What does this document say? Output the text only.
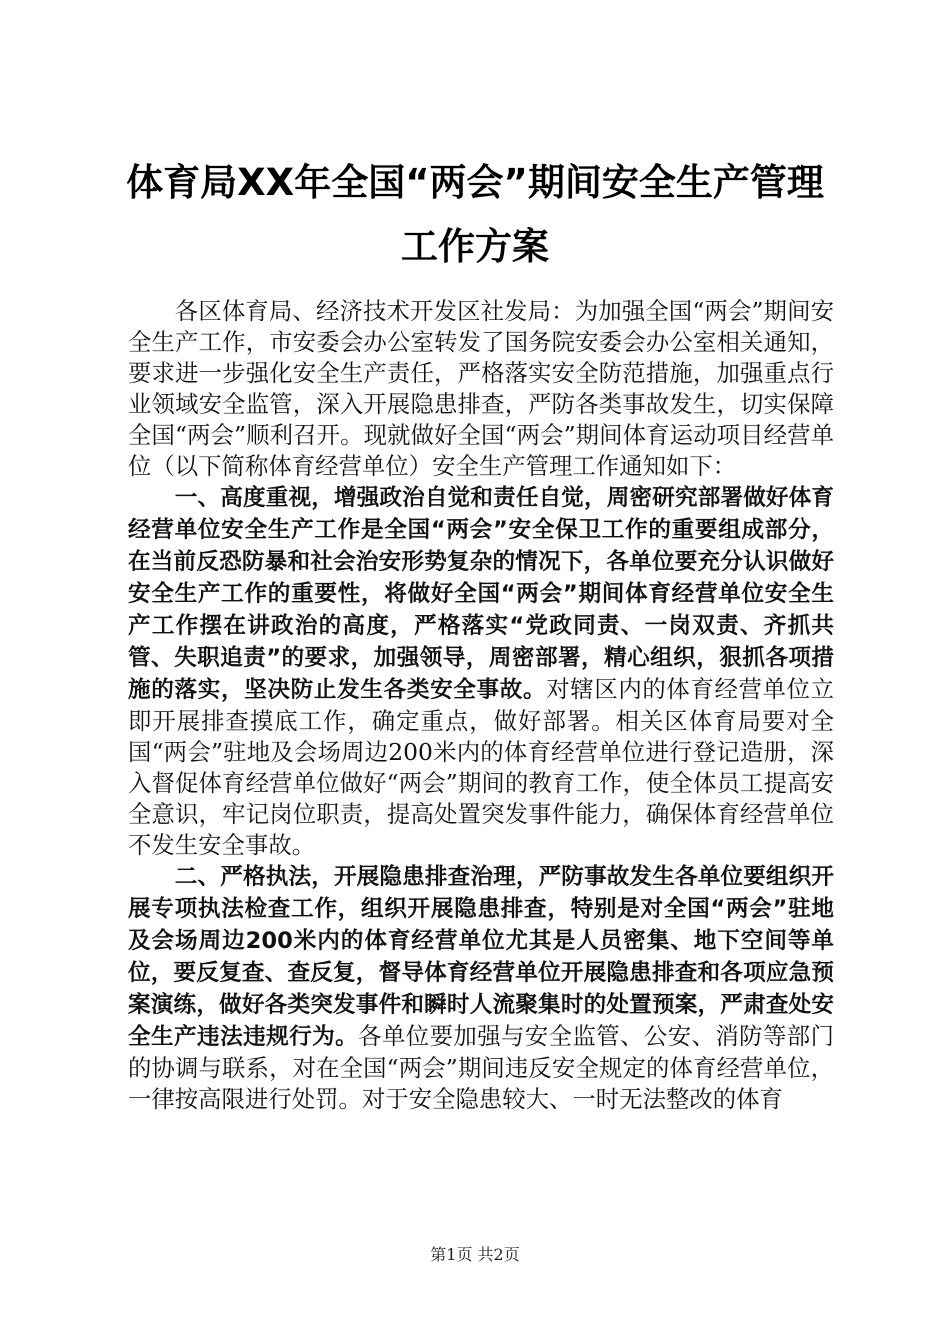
体育局XX年全国“两会”期间安全生产管理
工作方案

各区体育局、经济技术开发区社发局：为加强全国“两会”期间安全生产工作，市安委会办公室转发了国务院安委会办公室相关通知，要求进一步强化安全生产责任，严格落实安全防范措施，加强重点行业领域安全监管，深入开展隐患排查，严防各类事故发生，切实保障全国“两会”顺利召开。现就做好全国“两会”期间体育运动项目经营单位（以下简称体育经营单位）安全生产管理工作通知如下：

一、高度重视，增强政治自觉和责任自觉，周密研究部署做好体育经营单位安全生产工作是全国“两会”安全保卫工作的重要组成部分，在当前反恐防暴和社会治安形势复杂的情况下，各单位要充分认识做好安全生产工作的重要性，将做好全国“两会”期间体育经营单位安全生产工作摆在讲政治的高度，严格落实“党政同责、一岗双责、齐抓共管、失职追责”的要求，加强领导，周密部署，精心组织，狠抓各项措施的落实，坚决防止发生各类安全事故。对辖区内的体育经营单位立即开展排查摸底工作，确定重点，做好部署。相关区体育局要对全国“两会”驻地及会场周边200米内的体育经营单位进行登记造册，深入督促体育经营单位做好“两会”期间的教育工作，使全体员工提高安全意识，牢记岗位职责，提高处置突发事件能力，确保体育经营单位不发生安全事故。

二、严格执法，开展隐患排查治理，严防事故发生各单位要组织开展专项执法检查工作，组织开展隐患排查，特别是对全国“两会”驻地及会场周边200米内的体育经营单位尤其是人员密集、地下空间等单位，要反复查、查反复，督导体育经营单位开展隐患排查和各项应急预案演练，做好各类突发事件和瞬时人流聚集时的处置预案，严肃查处安全生产违法违规行为。各单位要加强与安全监管、公安、消防等部门的协调与联系，对在全国“两会”期间违反安全规定的体育经营单位，一律按高限进行处罚。对于安全隐患较大、一时无法整改的体育

第1页 共2页
